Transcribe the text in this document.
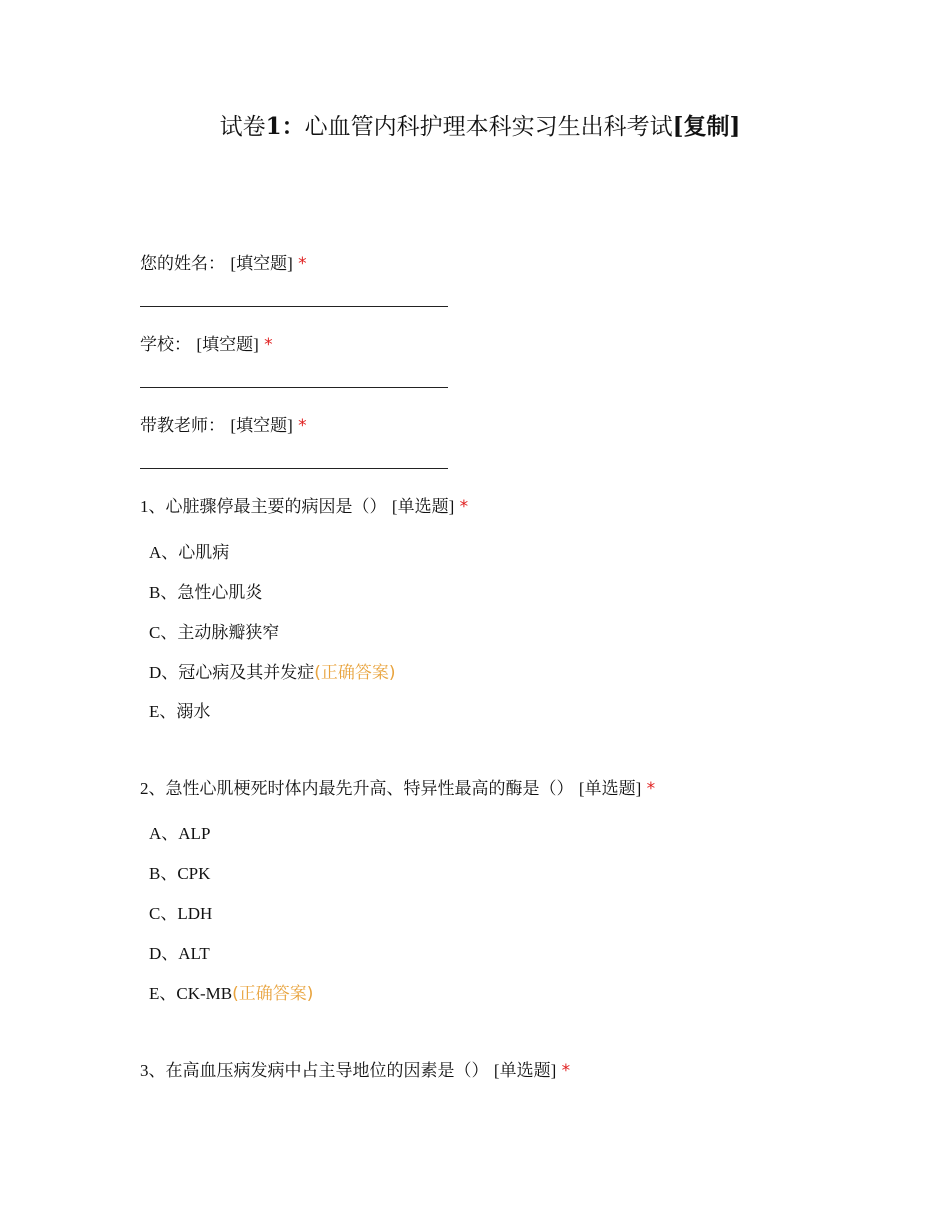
试卷1：心血管内科护理本科实习生出科考试[复制]
您的姓名： [填空题] *
学校： [填空题] *
带教老师： [填空题] *
1、心脏骤停最主要的病因是（） [单选题] *
A、心肌病
B、急性心肌炎
C、主动脉瓣狭窄
D、冠心病及其并发症(正确答案)
E、溺水
2、急性心肌梗死时体内最先升高、特异性最高的酶是（） [单选题] *
A、ALP
B、CPK
C、LDH
D、ALT
E、CK-MB(正确答案)
3、在高血压病发病中占主导地位的因素是（） [单选题] *
